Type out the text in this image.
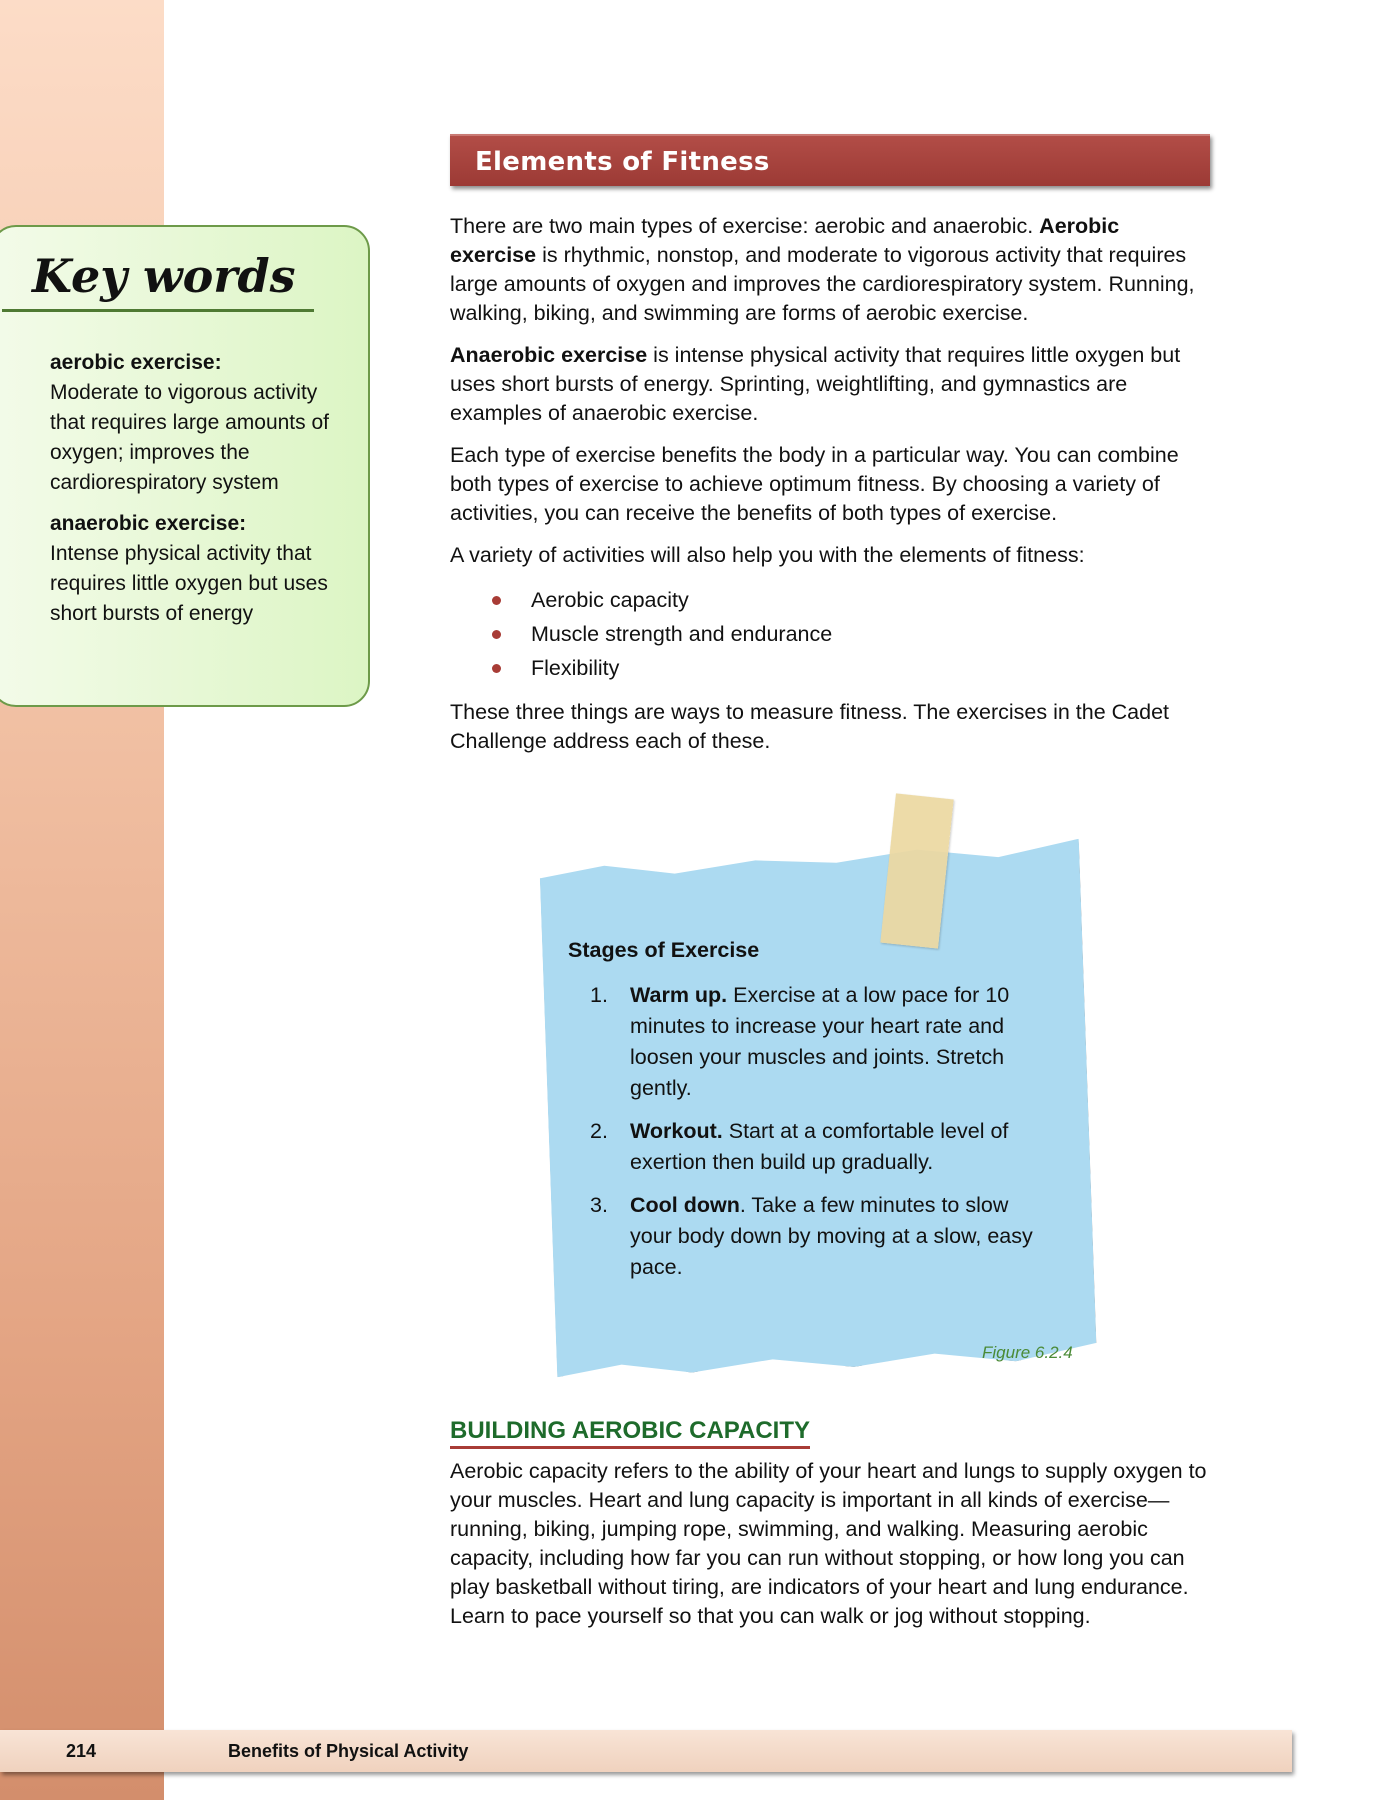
Elements of Fitness
Key words
aerobic exercise:
Moderate to vigorous activity that requires large amounts of oxygen; improves the cardiorespiratory system
anaerobic exercise:
Intense physical activity that requires little oxygen but uses short bursts of energy

There are two main types of exercise: aerobic and anaerobic. Aerobic exercise is rhythmic, nonstop, and moderate to vigorous activity that requires large amounts of oxygen and improves the cardiorespiratory system. Running, walking, biking, and swimming are forms of aerobic exercise.

Anaerobic exercise is intense physical activity that requires little oxygen but uses short bursts of energy. Sprinting, weightlifting, and gymnastics are examples of anaerobic exercise.

Each type of exercise benefits the body in a particular way. You can combine both types of exercise to achieve optimum fitness. By choosing a variety of activities, you can receive the benefits of both types of exercise.

A variety of activities will also help you with the elements of fitness:

Aerobic capacity
Muscle strength and endurance
Flexibility

These three things are ways to measure fitness. The exercises in the Cadet Challenge address each of these.

Stages of Exercise
1. Warm up. Exercise at a low pace for 10 minutes to increase your heart rate and loosen your muscles and joints. Stretch gently.
2. Workout. Start at a comfortable level of exertion then build up gradually.
3. Cool down. Take a few minutes to slow your body down by moving at a slow, easy pace.
Figure 6.2.4
BUILDING AEROBIC CAPACITY
Aerobic capacity refers to the ability of your heart and lungs to supply oxygen to your muscles. Heart and lung capacity is important in all kinds of exercise—running, biking, jumping rope, swimming, and walking. Measuring aerobic capacity, including how far you can run without stopping, or how long you can play basketball without tiring, are indicators of your heart and lung endurance. Learn to pace yourself so that you can walk or jog without stopping.
214	Benefits of Physical Activity
